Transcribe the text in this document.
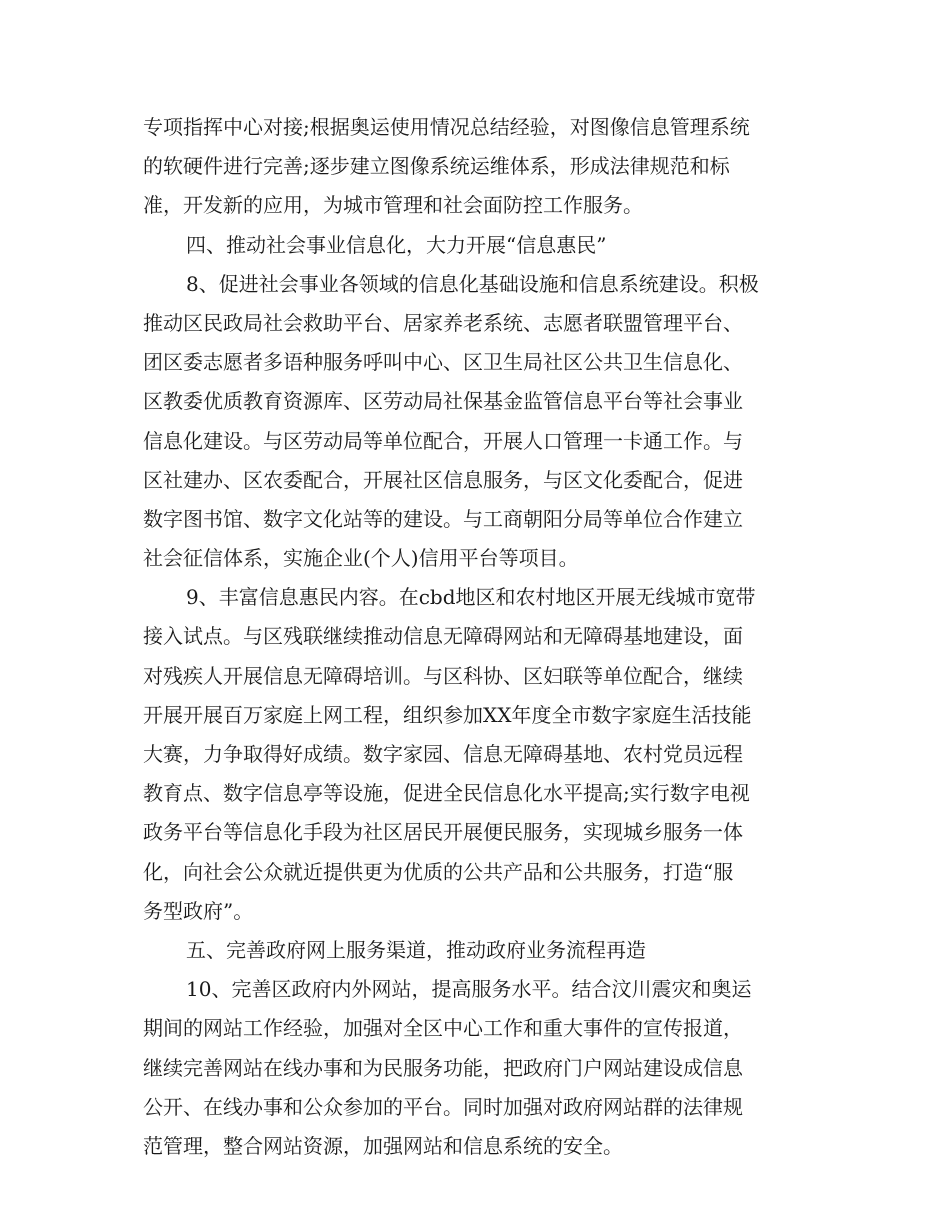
专项指挥中心对接;根据奥运使用情况总结经验，对图像信息管理系统
的软硬件进行完善;逐步建立图像系统运维体系，形成法律规范和标
准，开发新的应用，为城市管理和社会面防控工作服务。
四、推动社会事业信息化，大力开展“信息惠民”
8、促进社会事业各领域的信息化基础设施和信息系统建设。积极
推动区民政局社会救助平台、居家养老系统、志愿者联盟管理平台、
团区委志愿者多语种服务呼叫中心、区卫生局社区公共卫生信息化、
区教委优质教育资源库、区劳动局社保基金监管信息平台等社会事业
信息化建设。与区劳动局等单位配合，开展人口管理一卡通工作。与
区社建办、区农委配合，开展社区信息服务，与区文化委配合，促进
数字图书馆、数字文化站等的建设。与工商朝阳分局等单位合作建立
社会征信体系，实施企业(个人)信用平台等项目。
9、丰富信息惠民内容。在cbd地区和农村地区开展无线城市宽带
接入试点。与区残联继续推动信息无障碍网站和无障碍基地建设，面
对残疾人开展信息无障碍培训。与区科协、区妇联等单位配合，继续
开展开展百万家庭上网工程，组织参加XX年度全市数字家庭生活技能
大赛，力争取得好成绩。数字家园、信息无障碍基地、农村党员远程
教育点、数字信息亭等设施，促进全民信息化水平提高;实行数字电视
政务平台等信息化手段为社区居民开展便民服务，实现城乡服务一体
化，向社会公众就近提供更为优质的公共产品和公共服务，打造“服
务型政府”。
五、完善政府网上服务渠道，推动政府业务流程再造
10、完善区政府内外网站，提高服务水平。结合汶川震灾和奥运
期间的网站工作经验，加强对全区中心工作和重大事件的宣传报道，
继续完善网站在线办事和为民服务功能，把政府门户网站建设成信息
公开、在线办事和公众参加的平台。同时加强对政府网站群的法律规
范管理，整合网站资源，加强网站和信息系统的安全。
